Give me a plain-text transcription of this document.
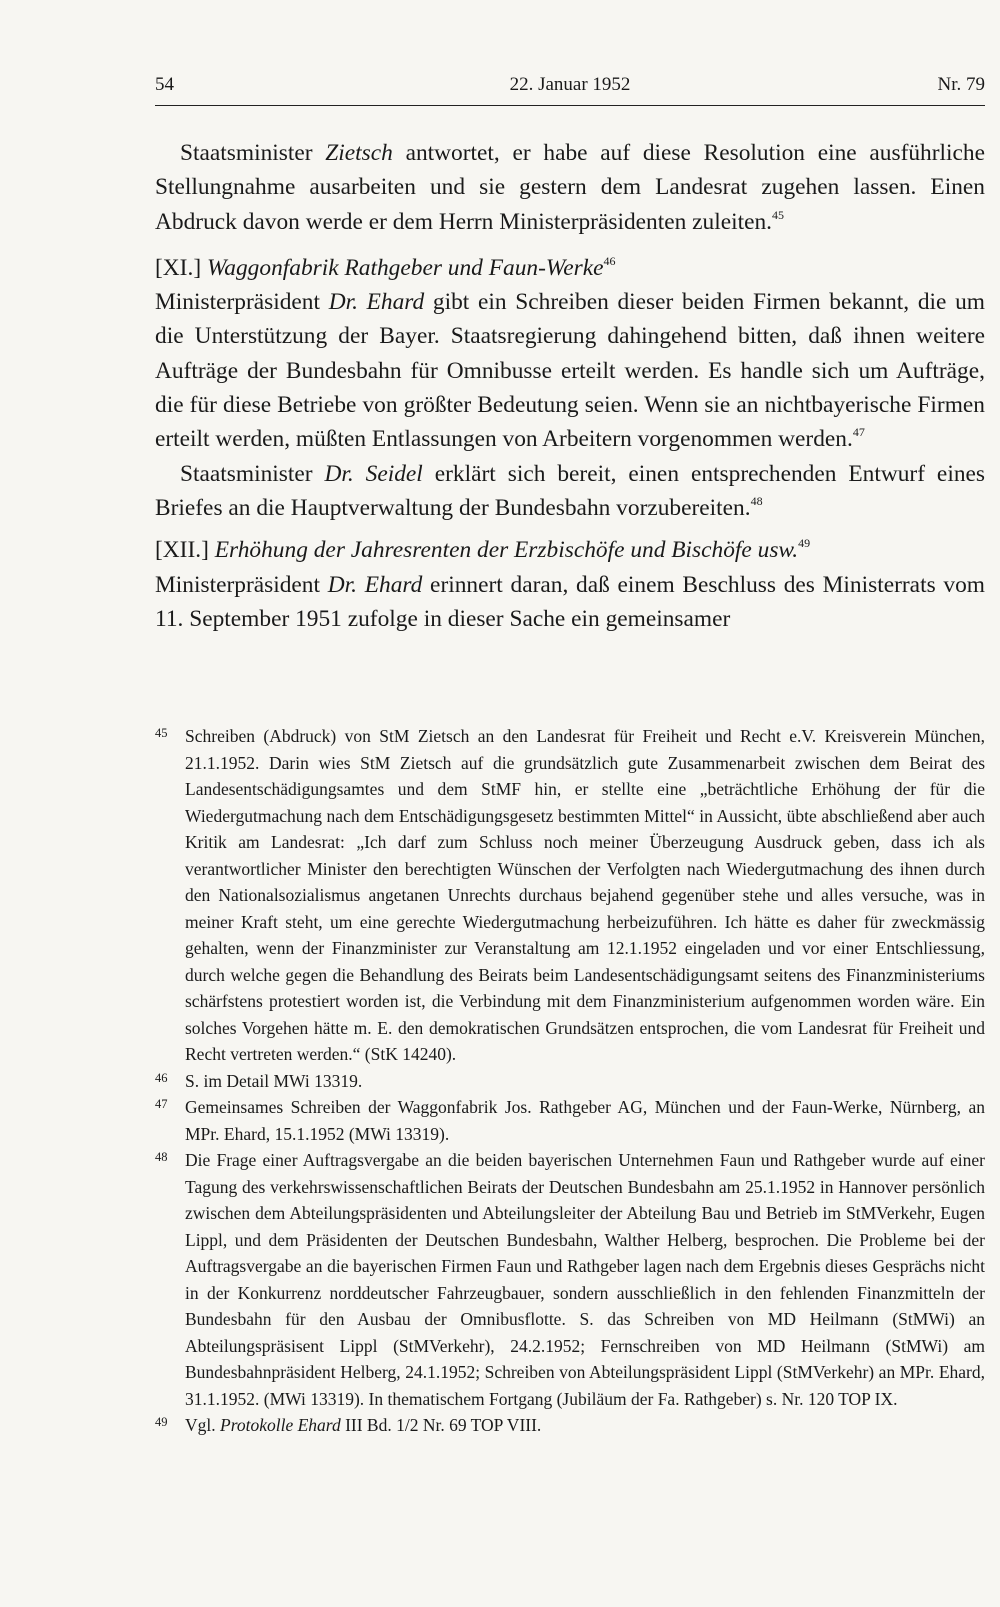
54	22. Januar 1952	Nr. 79

Staatsminister Zietsch antwortet, er habe auf diese Resolution eine ausführliche Stellungnahme ausarbeiten und sie gestern dem Landesrat zugehen lassen. Einen Abdruck davon werde er dem Herrn Ministerpräsidenten zuleiten.$^{45}$

[XI.] Waggonfabrik Rathgeber und Faun-Werke$^{46}$

Ministerpräsident Dr. Ehard gibt ein Schreiben dieser beiden Firmen bekannt, die um die Unterstützung der Bayer. Staatsregierung dahingehend bitten, daß ihnen weitere Aufträge der Bundesbahn für Omnibusse erteilt werden. Es handle sich um Aufträge, die für diese Betriebe von größter Bedeutung seien. Wenn sie an nichtbayerische Firmen erteilt werden, müßten Entlassungen von Arbeitern vorgenommen werden.$^{47}$

Staatsminister Dr. Seidel erklärt sich bereit, einen entsprechenden Entwurf eines Briefes an die Hauptverwaltung der Bundesbahn vorzubereiten.$^{48}$

[XII.] Erhöhung der Jahresrenten der Erzbischöfe und Bischöfe usw.$^{49}$

Ministerpräsident Dr. Ehard erinnert daran, daß einem Beschluss des Ministerrats vom 11. September 1951 zufolge in dieser Sache ein gemeinsamer

45 Schreiben (Abdruck) von StM Zietsch an den Landesrat für Freiheit und Recht e.V. Kreisverein München, 21.1.1952. Darin wies StM Zietsch auf die grundsätzlich gute Zusammenarbeit zwischen dem Beirat des Landesentschädigungsamtes und dem StMF hin, er stellte eine „beträchtliche Erhöhung der für die Wiedergutmachung nach dem Entschädigungsgesetz bestimmten Mittel“ in Aussicht, übte abschließend aber auch Kritik am Landesrat: „Ich darf zum Schluss noch meiner Überzeugung Ausdruck geben, dass ich als verantwortlicher Minister den berechtigten Wünschen der Verfolgten nach Wiedergutmachung des ihnen durch den Nationalsozialismus angetanen Unrechts durchaus bejahend gegenüber stehe und alles versuche, was in meiner Kraft steht, um eine gerechte Wiedergutmachung herbeizuführen. Ich hätte es daher für zweckmässig gehalten, wenn der Finanzminister zur Veranstaltung am 12.1.1952 eingeladen und vor einer Entschliessung, durch welche gegen die Behandlung des Beirats beim Landesentschädigungsamt seitens des Finanzministeriums schärfstens protestiert worden ist, die Verbindung mit dem Finanzministerium aufgenommen worden wäre. Ein solches Vorgehen hätte m. E. den demokratischen Grundsätzen entsprochen, die vom Landesrat für Freiheit und Recht vertreten werden.“ (StK 14240).

46 S. im Detail MWi 13319.

47 Gemeinsames Schreiben der Waggonfabrik Jos. Rathgeber AG, München und der Faun-Werke, Nürnberg, an MPr. Ehard, 15.1.1952 (MWi 13319).

48 Die Frage einer Auftragsvergabe an die beiden bayerischen Unternehmen Faun und Rathgeber wurde auf einer Tagung des verkehrswissenschaftlichen Beirats der Deutschen Bundesbahn am 25.1.1952 in Hannover persönlich zwischen dem Abteilungspräsidenten und Abteilungsleiter der Abteilung Bau und Betrieb im StMVerkehr, Eugen Lippl, und dem Präsidenten der Deutschen Bundesbahn, Walther Helberg, besprochen. Die Probleme bei der Auftragsvergabe an die bayerischen Firmen Faun und Rathgeber lagen nach dem Ergebnis dieses Gesprächs nicht in der Konkurrenz norddeutscher Fahrzeugbauer, sondern ausschließlich in den fehlenden Finanzmitteln der Bundesbahn für den Ausbau der Omnibusflotte. S. das Schreiben von MD Heilmann (StMWi) an Abteilungspräsisent Lippl (StMVerkehr), 24.2.1952; Fernschreiben von MD Heilmann (StMWi) am Bundesbahnpräsident Helberg, 24.1.1952; Schreiben von Abteilungspräsident Lippl (StMVerkehr) an MPr. Ehard, 31.1.1952. (MWi 13319). In thematischem Fortgang (Jubiläum der Fa. Rathgeber) s. Nr. 120 TOP IX.

49 Vgl. Protokolle Ehard III Bd. 1/2 Nr. 69 TOP VIII.
